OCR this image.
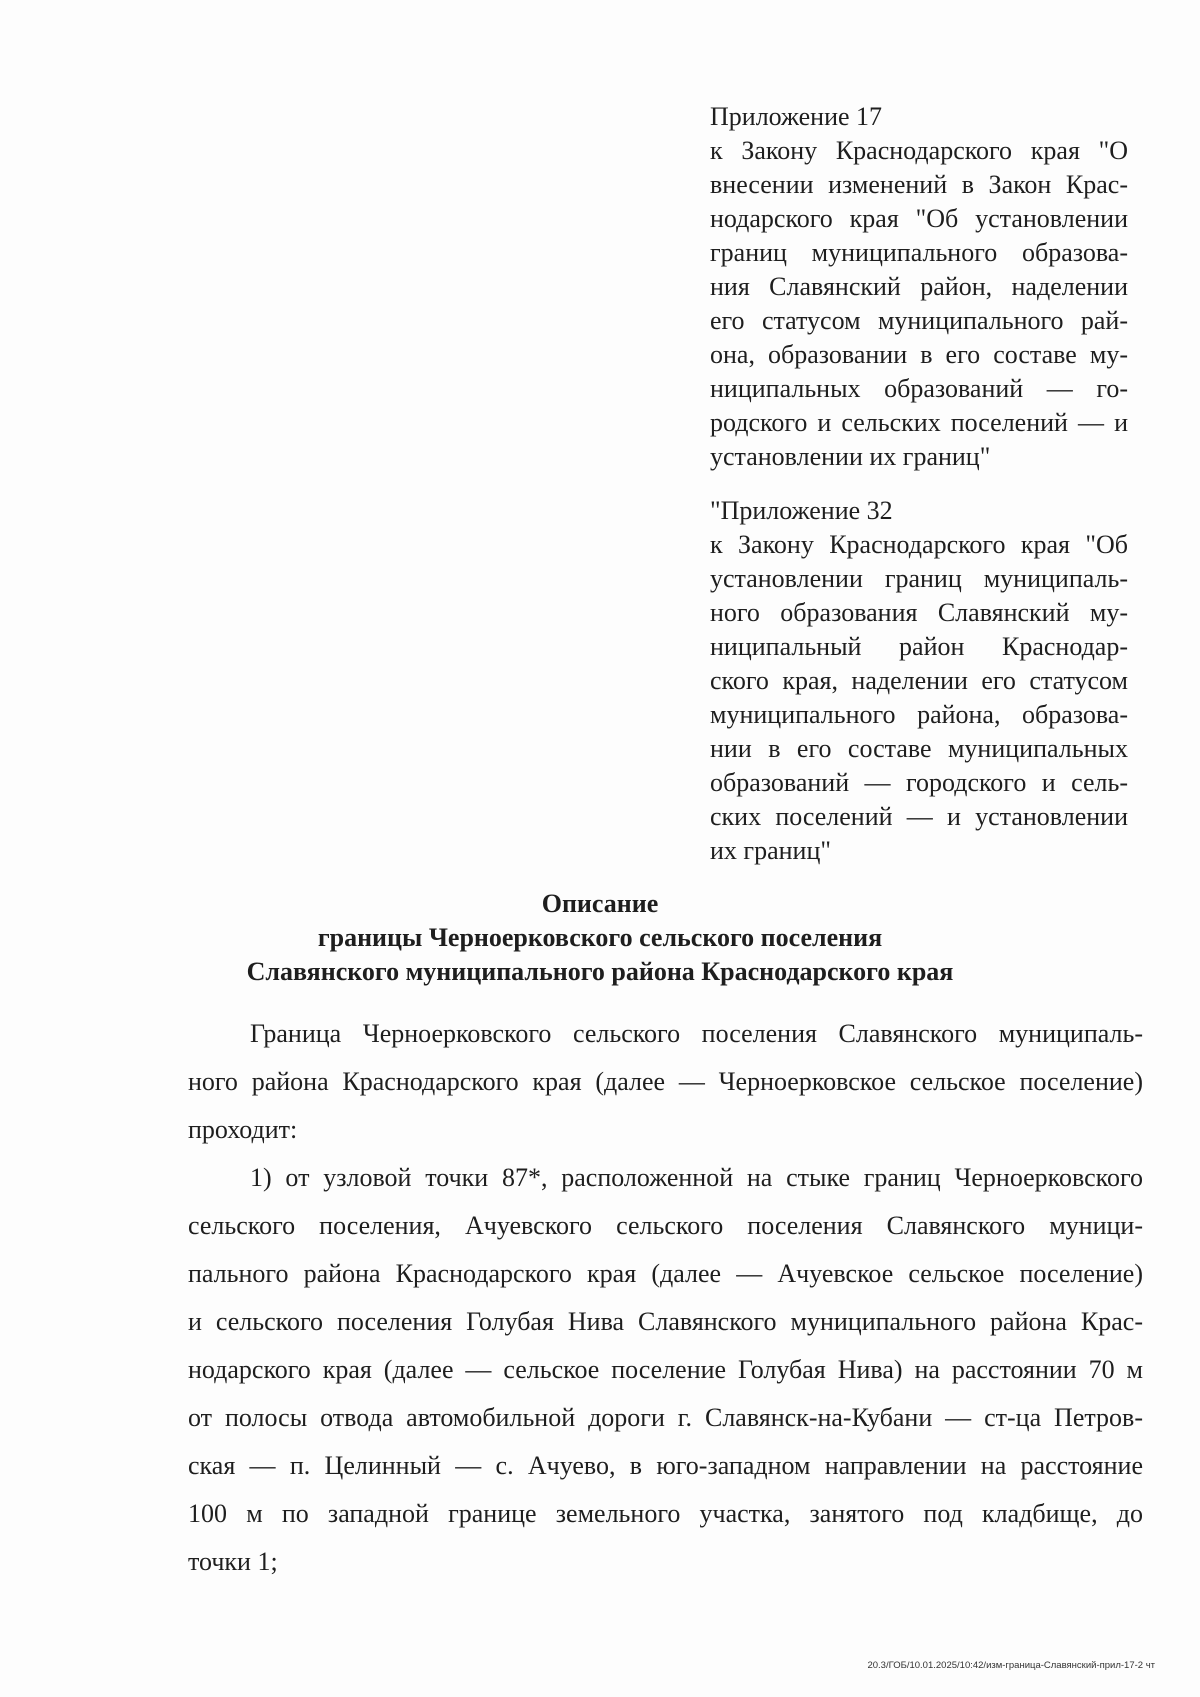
Приложение 17
к Закону Краснодарского края "О
внесении изменений в Закон Крас-
нодарского края "Об установлении
границ муниципального образова-
ния Славянский район, наделении
его статусом муниципального рай-
она, образовании в его составе му-
ниципальных образований — го-
родского и сельских поселений — и
установлении их границ"
"Приложение 32
к Закону Краснодарского края "Об
установлении границ муниципаль-
ного образования Славянский му-
ниципальный район Краснодар-
ского края, наделении его статусом
муниципального района, образова-
нии в его составе муниципальных
образований — городского и сель-
ских поселений — и установлении
их границ"
Описание
границы Черноерковского сельского поселения
Славянского муниципального района Краснодарского края
Граница Черноерковского сельского поселения Славянского муниципаль-
ного района Краснодарского края (далее — Черноерковское сельское поселение)
проходит:
1) от узловой точки 87*, расположенной на стыке границ Черноерковского
сельского поселения, Ачуевского сельского поселения Славянского муници-
пального района Краснодарского края (далее — Ачуевское сельское поселение)
и сельского поселения Голубая Нива Славянского муниципального района Крас-
нодарского края (далее — сельское поселение Голубая Нива) на расстоянии 70 м
от полосы отвода автомобильной дороги г. Славянск-на-Кубани — ст-ца Петров-
ская — п. Целинный — с. Ачуево, в юго-западном направлении на расстояние
100 м по западной границе земельного участка, занятого под кладбище, до
точки 1;
20.3/ГОБ/10.01.2025/10:42/изм-граница-Славянский-прил-17-2 чт
